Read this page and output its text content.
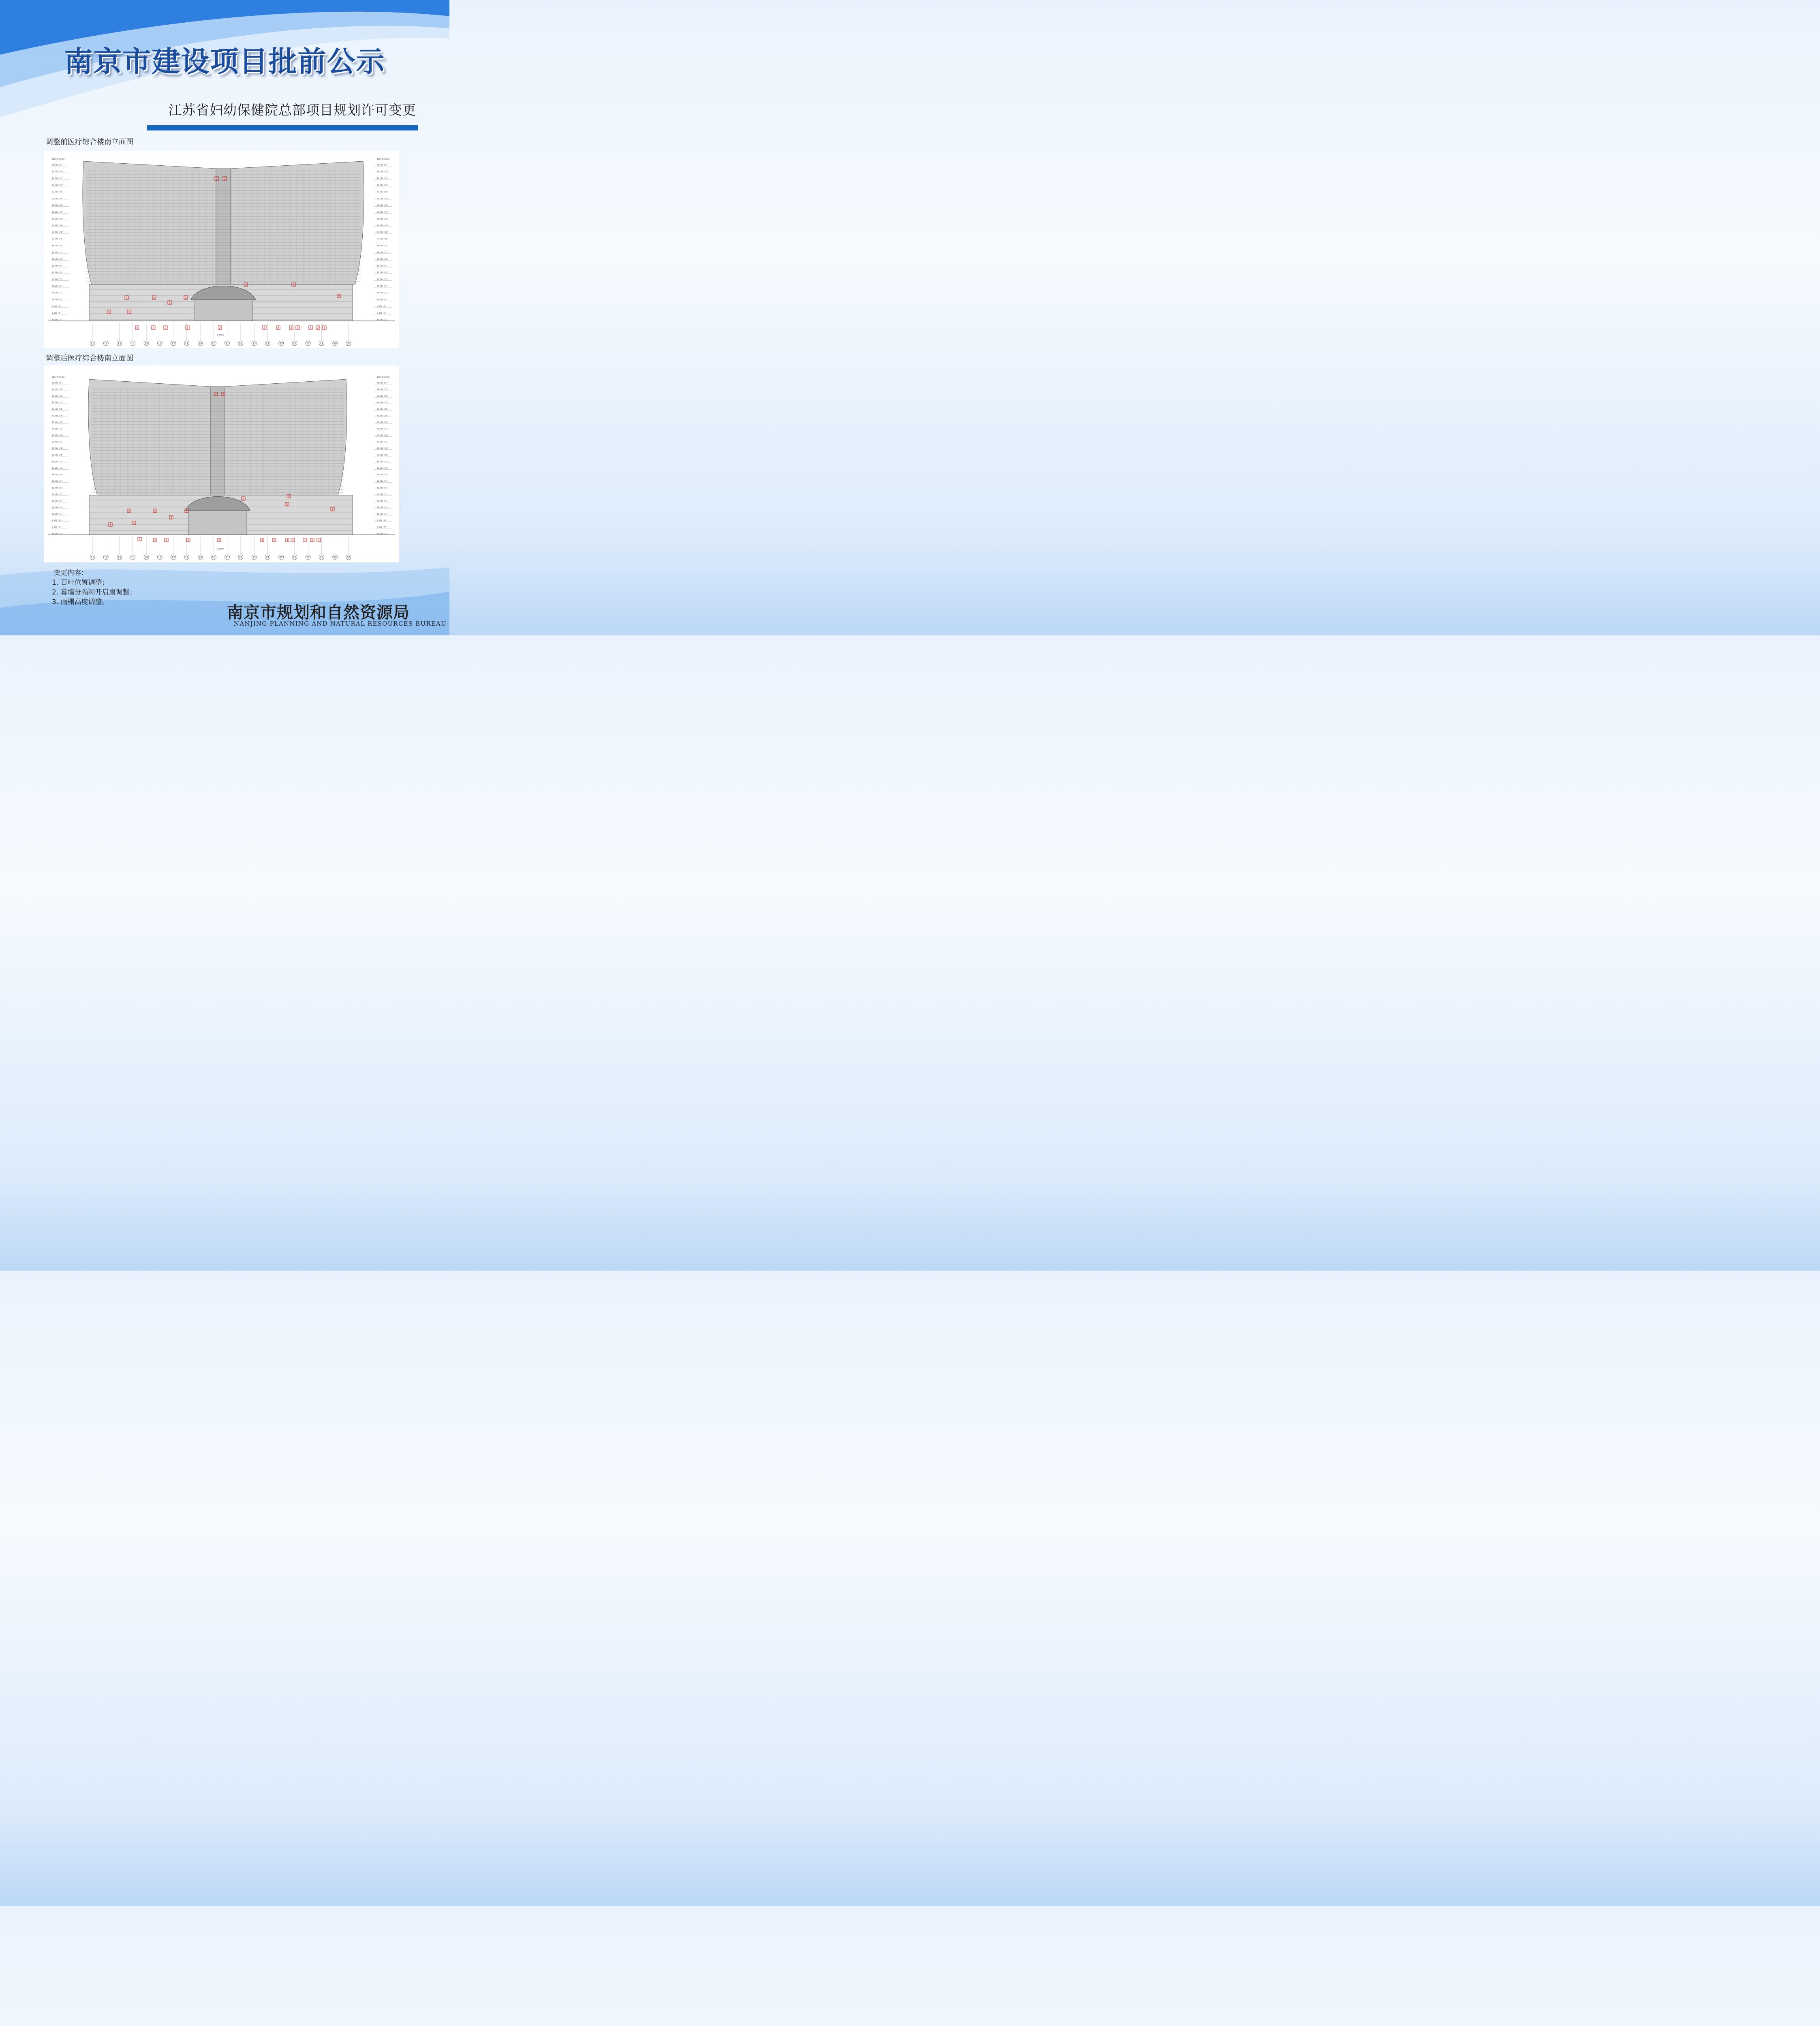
南京市建设项目批前公示
江苏省妇幼保健院总部项目规划许可变更
调整前医疗综合楼南立面图
98.700 (RF)	98.700 (RF)
94.500 (23F)	94.500 (23F)
90.300 (22F)	90.300 (22F)
86.100 (21F)	86.100 (21F)
81.900 (20F)	81.900 (20F)
77.700 (19F)	77.700 (19F)
73.500 (18F)	73.500 (18F)
69.300 (17F)	69.300 (17F)
65.100 (16F)	65.100 (16F)
60.900 (15F)	60.900 (15F)
56.700 (14F)	56.700 (14F)
52.500 (13F)	52.500 (13F)
48.300 (12F)	48.300 (12F)
44.100 (11F)	44.100 (11F)
39.900 (10F)	39.900 (10F)
35.700 (9F)	35.700 (9F)
31.500 (8F)	31.500 (8F)
27.300 (7F)	27.300 (7F)
23.100 (6F)	23.100 (6F)
18.600 (5F)	18.600 (5F)
14.100 (4F)	14.100 (4F)
9.600 (3F)	9.600 (3F)
5.100 (2F)	5.100 (2F)
±0.000 (1F)	±0.000 (1F)
106.900 (幕墙顶)	106.900 (幕墙顶)
11	12	13	14	15	16	17	18	19	20	21	22	23	24	25	26	27	28	29	30
136800
2 2
2	2	2
2
2	2
2
1	1
3	2	2	3	2	3	2	3 3	1 2 3
调整后医疗综合楼南立面图
98.700 (RF)	98.700 (RF)
94.500 (23F)	94.500 (23F)
90.300 (22F)	90.300 (22F)
86.100 (21F)	86.100 (21F)
81.900 (20F)	81.900 (20F)
77.700 (19F)	77.700 (19F)
73.500 (18F)	73.500 (18F)
69.300 (17F)	69.300 (17F)
65.100 (16F)	65.100 (16F)
60.900 (15F)	60.900 (15F)
56.700 (14F)	56.700 (14F)
52.500 (13F)	52.500 (13F)
48.300 (12F)	48.300 (12F)
44.100 (11F)	44.100 (11F)
39.900 (10F)	39.900 (10F)
35.700 (9F)	35.700 (9F)
31.500 (8F)	31.500 (8F)
27.300 (7F)	27.300 (7F)
23.100 (6F)	23.100 (6F)
18.600 (5F)	18.600 (5F)
14.100 (4F)	14.100 (4F)
9.600 (3F)	9.600 (3F)
5.100 (2F)	5.100 (2F)
±0.000 (1F)	±0.000 (1F)
106.900 (幕墙顶)	106.900 (幕墙顶)
11	12	13	14	15	16	17	18	19	20	21	22	23	24	25	26	27	28	29	30
136800
2 2
2	2	2
2
2
2
2
2
1	1
3	2	2	3	2	3	2	3 3	1 2 3
变更内容：
1. 百叶位置调整；
2. 幕墙分隔和开启扇调整；
3. 雨棚高度调整。
南京市规划和自然资源局
NANJING PLANNING AND NATURAL RESOURCES BUREAU
